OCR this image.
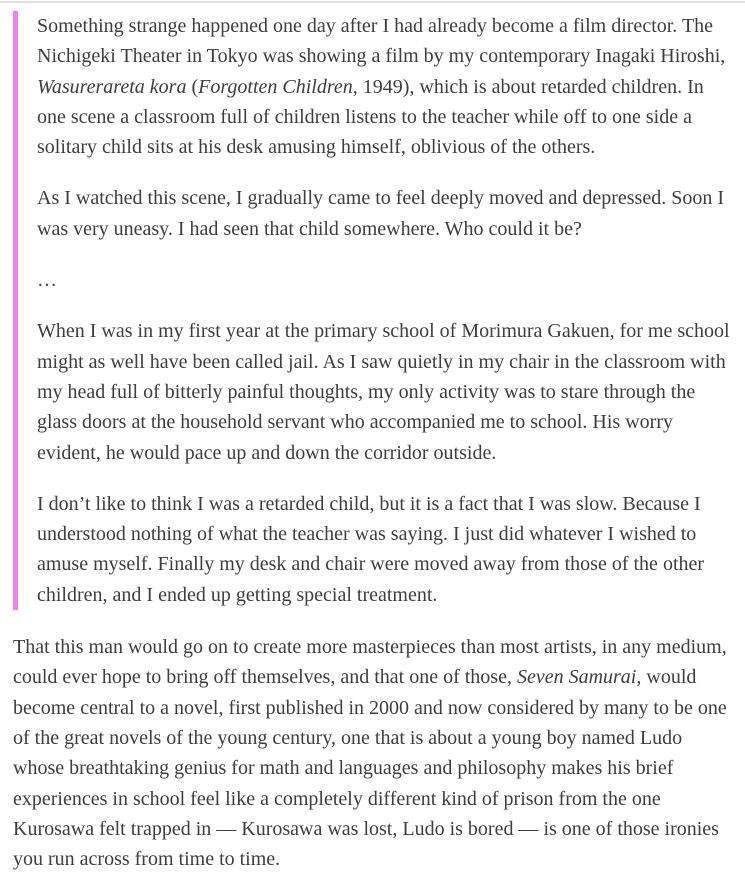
Something strange happened one day after I had already become a film director. The Nichigeki Theater in Tokyo was showing a film by my contemporary Inagaki Hiroshi, Wasurerareta kora (Forgotten Children, 1949), which is about retarded children. In one scene a classroom full of children listens to the teacher while off to one side a solitary child sits at his desk amusing himself, oblivious of the others.

As I watched this scene, I gradually came to feel deeply moved and depressed. Soon I was very uneasy. I had seen that child somewhere. Who could it be?

…

When I was in my first year at the primary school of Morimura Gakuen, for me school might as well have been called jail. As I saw quietly in my chair in the classroom with my head full of bitterly painful thoughts, my only activity was to stare through the glass doors at the household servant who accompanied me to school. His worry evident, he would pace up and down the corridor outside.

I don’t like to think I was a retarded child, but it is a fact that I was slow. Because I understood nothing of what the teacher was saying. I just did whatever I wished to amuse myself. Finally my desk and chair were moved away from those of the other children, and I ended up getting special treatment.

That this man would go on to create more masterpieces than most artists, in any medium, could ever hope to bring off themselves, and that one of those, Seven Samurai, would become central to a novel, first published in 2000 and now considered by many to be one of the great novels of the young century, one that is about a young boy named Ludo whose breathtaking genius for math and languages and philosophy makes his brief experiences in school feel like a completely different kind of prison from the one Kurosawa felt trapped in — Kurosawa was lost, Ludo is bored — is one of those ironies you run across from time to time.
